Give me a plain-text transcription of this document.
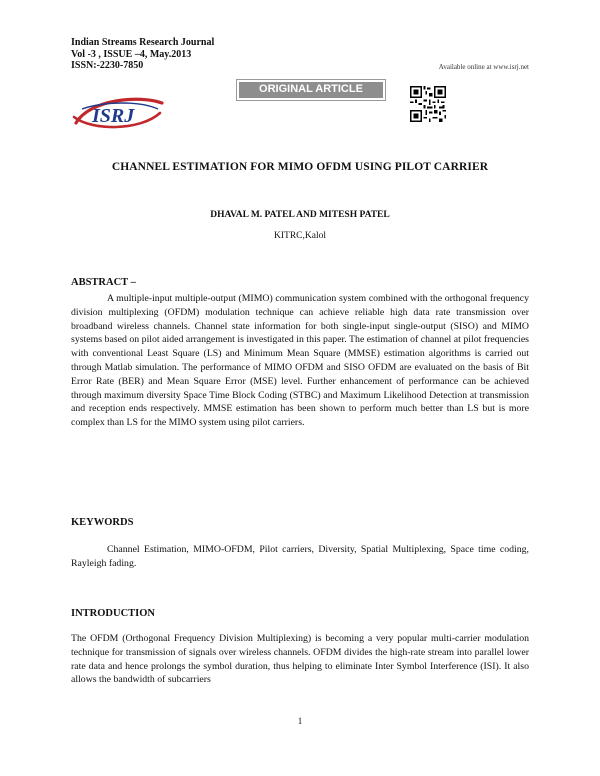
Indian Streams Research Journal
Vol -3 , ISSUE –4, May.2013
ISSN:-2230-7850	Available online at www.isrj.net
ORIGINAL ARTICLE
ISRJ
CHANNEL ESTIMATION FOR MIMO OFDM USING PILOT CARRIER
DHAVAL M. PATEL AND MITESH PATEL
KITRC,Kalol
ABSTRACT –
A multiple-input multiple-output (MIMO) communication system combined with the orthogonal frequency division multiplexing (OFDM) modulation technique can achieve reliable high data rate transmission over broadband wireless channels. Channel state information for both single-input single-output (SISO) and MIMO systems based on pilot aided arrangement is investigated in this paper. The estimation of channel at pilot frequencies with conventional Least Square (LS) and Minimum Mean Square (MMSE) estimation algorithms is carried out through Matlab simulation. The performance of MIMO OFDM and SISO OFDM are evaluated on the basis of Bit Error Rate (BER) and Mean Square Error (MSE) level. Further enhancement of performance can be achieved through maximum diversity Space Time Block Coding (STBC) and Maximum Likelihood Detection at transmission and reception ends respectively. MMSE estimation has been shown to perform much better than LS but is more complex than LS for the MIMO system using pilot carriers.
KEYWORDS
Channel Estimation, MIMO-OFDM, Pilot carriers, Diversity, Spatial Multiplexing, Space time coding, Rayleigh fading.
INTRODUCTION
The OFDM (Orthogonal Frequency Division Multiplexing) is becoming a very popular multi-carrier modulation technique for transmission of signals over wireless channels. OFDM divides the high-rate stream into parallel lower rate data and hence prolongs the symbol duration, thus helping to eliminate Inter Symbol Interference (ISI). It also allows the bandwidth of subcarriers
1
